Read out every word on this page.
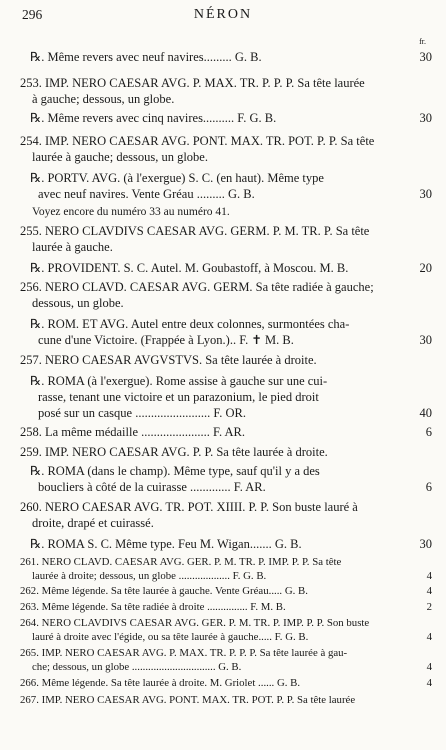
296	NÉRON
fr.
℞. Même revers avec neuf navires......... G. B.	30
253. IMP. NERO CAESAR AVG. P. MAX. TR. P. P. P. Sa tête laurée
à gauche; dessous, un globe.
℞. Même revers avec cinq navires.......... F. G. B.	30
254. IMP. NERO CAESAR AVG. PONT. MAX. TR. POT. P. P. Sa tête
laurée à gauche; dessous, un globe.
℞. PORTV. AVG. (à l'exergue) S. C. (en haut). Même type
avec neuf navires. Vente Gréau ......... G. B.	30
Voyez encore du numéro 33 au numéro 41.
255. NERO CLAVDIVS CAESAR AVG. GERM. P. M. TR. P. Sa tête
laurée à gauche.
℞. PROVIDENT. S. C. Autel. M. Goubastoff, à Moscou. M. B.	20
256. NERO CLAVD. CAESAR AVG. GERM. Sa tête radiée à gauche;
dessous, un globe.
℞. ROM. ET AVG. Autel entre deux colonnes, surmontées cha-
cune d'une Victoire. (Frappée à Lyon.).. F. ✝ M. B.	30
257. NERO CAESAR AVGVSTVS. Sa tête laurée à droite.
℞. ROMA (à l'exergue). Rome assise à gauche sur une cui-
rasse, tenant une victoire et un parazonium, le pied droit
posé sur un casque ........................ F. OR.	40
258. La même médaille ...................... F. AR.	6
259. IMP. NERO CAESAR AVG. P. P. Sa tête laurée à droite.
℞. ROMA (dans le champ). Même type, sauf qu'il y a des
boucliers à côté de la cuirasse ............. F. AR.	6
260. NERO CAESAR AVG. TR. POT. XIIII. P. P. Son buste lauré à
droite, drapé et cuirassé.
℞. ROMA S. C. Même type. Feu M. Wigan....... G. B.	30
261. NERO CLAVD. CAESAR AVG. GER. P. M. TR. P. IMP. P. P. Sa tête
laurée à droite; dessous, un globe ................... F. G. B.	4
262. Même légende. Sa tête laurée à gauche. Vente Gréau..... G. B.	4
263. Même légende. Sa tête radiée à droite ............... F. M. B.	2
264. NERO CLAVDIVS CAESAR AVG. GER. P. M. TR. P. IMP. P. P. Son buste
lauré à droite avec l'égide, ou sa tête laurée à gauche..... F. G. B.	4
265. IMP. NERO CAESAR AVG. P. MAX. TR. P. P. P. Sa tête laurée à gau-
che; dessous, un globe ............................... G. B.	4
266. Même légende. Sa tête laurée à droite. M. Griolet ...... G. B.	4
267. IMP. NERO CAESAR AVG. PONT. MAX. TR. POT. P. P. Sa tête laurée
